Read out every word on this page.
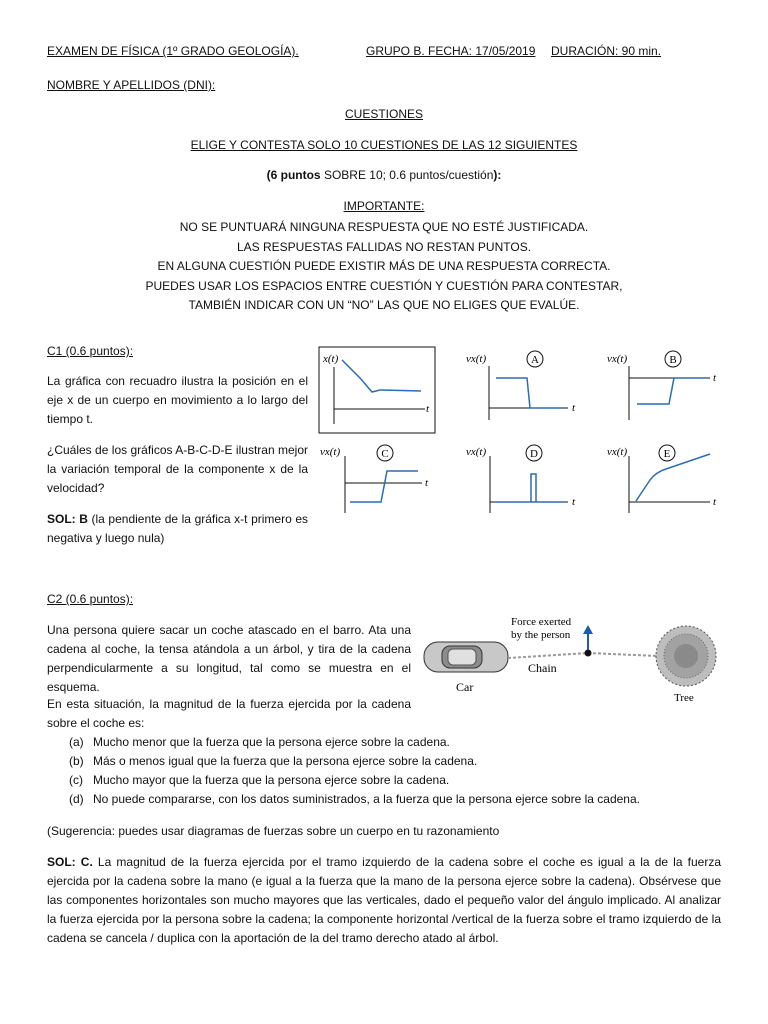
EXAMEN DE FÍSICA (1º GRADO GEOLOGÍA).	GRUPO B. FECHA: 17/05/2019 DURACIÓN: 90 min.
NOMBRE Y APELLIDOS (DNI):
CUESTIONES
ELIGE Y CONTESTA SOLO 10 CUESTIONES DE LAS 12 SIGUIENTES
(6 puntos SOBRE 10; 0.6 puntos/cuestión):
IMPORTANTE:
NO SE PUNTUARÁ NINGUNA RESPUESTA QUE NO ESTÉ JUSTIFICADA.
LAS RESPUESTAS FALLIDAS NO RESTAN PUNTOS.
EN ALGUNA CUESTIÓN PUEDE EXISTIR MÁS DE UNA RESPUESTA CORRECTA.
PUEDES USAR LOS ESPACIOS ENTRE CUESTIÓN Y CUESTIÓN PARA CONTESTAR,
TAMBIÉN INDICAR CON UN “NO” LAS QUE NO ELIGES QUE EVALÚE.
C1 (0.6 puntos):
La gráfica con recuadro ilustra la posición en el eje x de un cuerpo en movimiento a lo largo del tiempo t.
¿Cuáles de los gráficos A-B-C-D-E ilustran mejor la variación temporal de la componente x de la velocidad?
SOL: B (la pendiente de la gráfica x-t primero es negativa y luego nula)
x(t)
t
vx(t)	A
t
vx(t)	B
t
vx(t)	C
t
vx(t)	D
t
vx(t)	E
t
C2 (0.6 puntos):
Una persona quiere sacar un coche atascado en el barro. Ata una cadena al coche, la tensa atándola a un árbol, y tira de la cadena perpendicularmente a su longitud, tal como se muestra en el esquema.
En esta situación, la magnitud de la fuerza ejercida por la cadena sobre el coche es:
Car
Chain
Force exerted
by the person
Tree
(a) Mucho menor que la fuerza que la persona ejerce sobre la cadena.
(b) Más o menos igual que la fuerza que la persona ejerce sobre la cadena.
(c) Mucho mayor que la fuerza que la persona ejerce sobre la cadena.
(d) No puede compararse, con los datos suministrados, a la fuerza que la persona ejerce sobre la cadena.
(Sugerencia: puedes usar diagramas de fuerzas sobre un cuerpo en tu razonamiento
SOL: C. La magnitud de la fuerza ejercida por el tramo izquierdo de la cadena sobre el coche es igual a la de la fuerza ejercida por la cadena sobre la mano (e igual a la fuerza que la mano de la persona ejerce sobre la cadena). Obsérvese que las componentes horizontales son mucho mayores que las verticales, dado el pequeño valor del ángulo implicado. Al analizar la fuerza ejercida por la persona sobre la cadena; la componente horizontal /vertical de la fuerza sobre el tramo izquierdo de la cadena se cancela / duplica con la aportación de la del tramo derecho atado al árbol.
